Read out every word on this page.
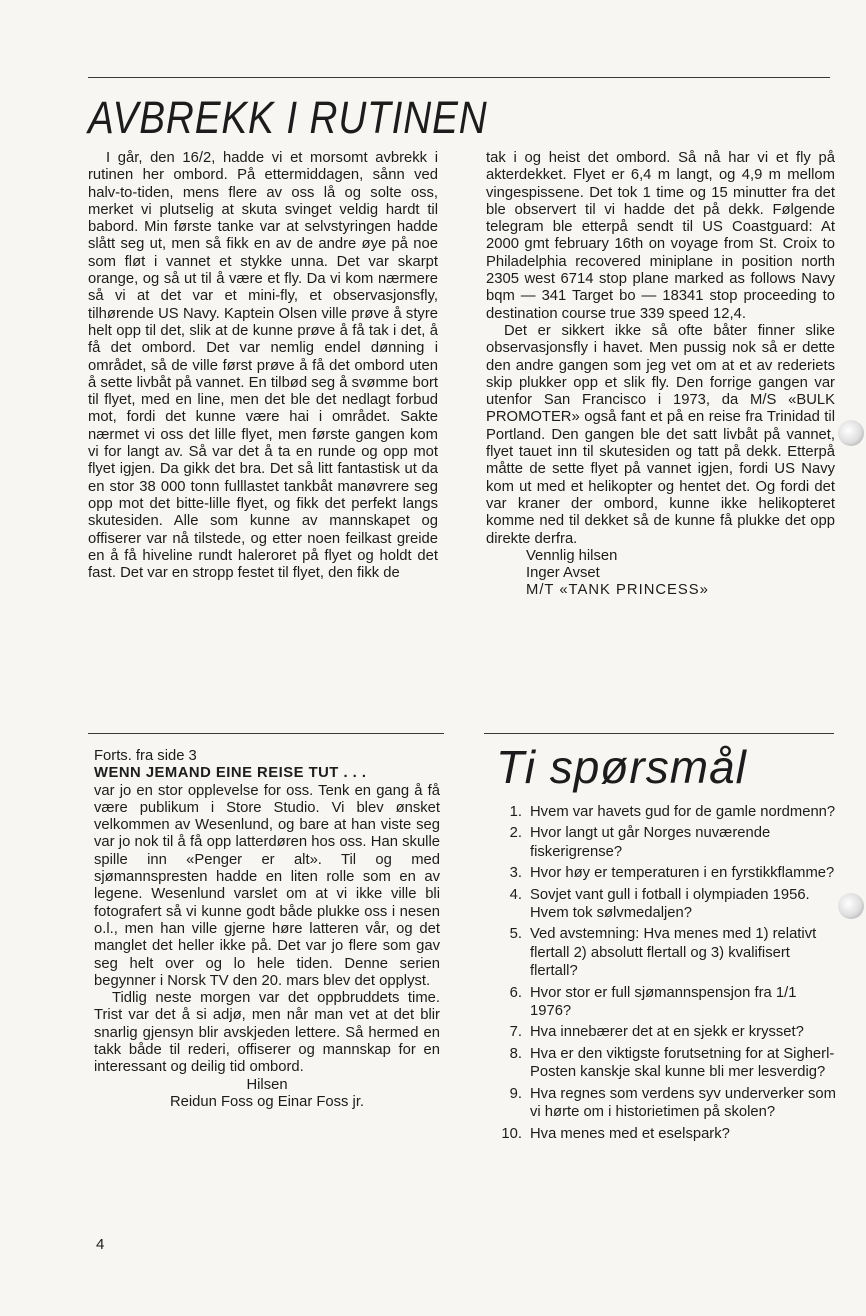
AVBREKK I RUTINEN

I går, den 16/2, hadde vi et morsomt avbrekk i rutinen her ombord. På ettermiddagen, sånn ved halv-to-tiden, mens flere av oss lå og solte oss, merket vi plutselig at skuta svinget veldig hardt til babord. Min første tanke var at selvstyringen hadde slått seg ut, men så fikk en av de andre øye på noe som fløt i vannet et stykke unna. Det var skarpt orange, og så ut til å være et fly. Da vi kom nærmere så vi at det var et mini-fly, et observasjonsfly, tilhørende US Navy. Kaptein Olsen ville prøve å styre helt opp til det, slik at de kunne prøve å få tak i det, å få det ombord. Det var nemlig endel dønning i området, så de ville først prøve å få det ombord uten å sette livbåt på vannet. En tilbød seg å svømme bort til flyet, med en line, men det ble det nedlagt forbud mot, fordi det kunne være hai i området. Sakte nærmet vi oss det lille flyet, men første gangen kom vi for langt av. Så var det å ta en runde og opp mot flyet igjen. Da gikk det bra. Det så litt fantastisk ut da en stor 38 000 tonn fulllastet tankbåt manøvrere seg opp mot det bitte-lille flyet, og fikk det perfekt langs skutesiden. Alle som kunne av mannskapet og offiserer var nå tilstede, og etter noen feilkast greide en å få hiveline rundt haleroret på flyet og holdt det fast. Det var en stropp festet til flyet, den fikk de

tak i og heist det ombord. Så nå har vi et fly på akterdekket. Flyet er 6,4 m langt, og 4,9 m mellom vingespissene. Det tok 1 time og 15 minutter fra det ble observert til vi hadde det på dekk. Følgende telegram ble etterpå sendt til US Coastguard: At 2000 gmt february 16th on voyage from St. Croix to Philadelphia recovered miniplane in position north 2305 west 6714 stop plane marked as follows Navy bqm — 341 Target bo — 18341 stop proceeding to destination course true 339 speed 12,4.

Det er sikkert ikke så ofte båter finner slike observasjonsfly i havet. Men pussig nok så er dette den andre gangen som jeg vet om at et av rederiets skip plukker opp et slik fly. Den forrige gangen var utenfor San Francisco i 1973, da M/S «BULK PROMOTER» også fant et på en reise fra Trinidad til Portland. Den gangen ble det satt livbåt på vannet, flyet tauet inn til skutesiden og tatt på dekk. Etterpå måtte de sette flyet på vannet igjen, fordi US Navy kom ut med et helikopter og hentet det. Og fordi det var kraner der ombord, kunne ikke helikopteret komme ned til dekket så de kunne få plukke det opp direkte derfra.

Vennlig hilsen

Inger Avset

M/T «TANK PRINCESS»

Forts. fra side 3

WENN JEMAND EINE REISE TUT . . .

var jo en stor opplevelse for oss. Tenk en gang å få være publikum i Store Studio. Vi blev ønsket velkommen av Wesenlund, og bare at han viste seg var jo nok til å få opp latterdøren hos oss. Han skulle spille inn «Penger er alt». Til og med sjømannspresten hadde en liten rolle som en av legene. Wesenlund varslet om at vi ikke ville bli fotografert så vi kunne godt både plukke oss i nesen o.l., men han ville gjerne høre latteren vår, og det manglet det heller ikke på. Det var jo flere som gav seg helt over og lo hele tiden. Denne serien begynner i Norsk TV den 20. mars blev det opplyst.

Tidlig neste morgen var det oppbruddets time. Trist var det å si adjø, men når man vet at det blir snarlig gjensyn blir avskjeden lettere. Så hermed en takk både til rederi, offiserer og mannskap for en interessant og deilig tid ombord.

Hilsen

Reidun Foss og Einar Foss jr.

Ti spørsmål
1. Hvem var havets gud for de gamle nordmenn?
2. Hvor langt ut går Norges nuværende fiskerigrense?
3. Hvor høy er temperaturen i en fyrstikkflamme?
4. Sovjet vant gull i fotball i olympiaden 1956. Hvem tok sølvmedaljen?
5. Ved avstemning: Hva menes med 1) relativt flertall 2) absolutt flertall og 3) kvalifisert flertall?
6. Hvor stor er full sjømannspensjon fra 1/1 1976?
7. Hva innebærer det at en sjekk er krysset?
8. Hva er den viktigste forutsetning for at Sigherl-Posten kanskje skal kunne bli mer lesverdig?
9. Hva regnes som verdens syv underverker som vi hørte om i historietimen på skolen?
10. Hva menes med et eselspark?
4
